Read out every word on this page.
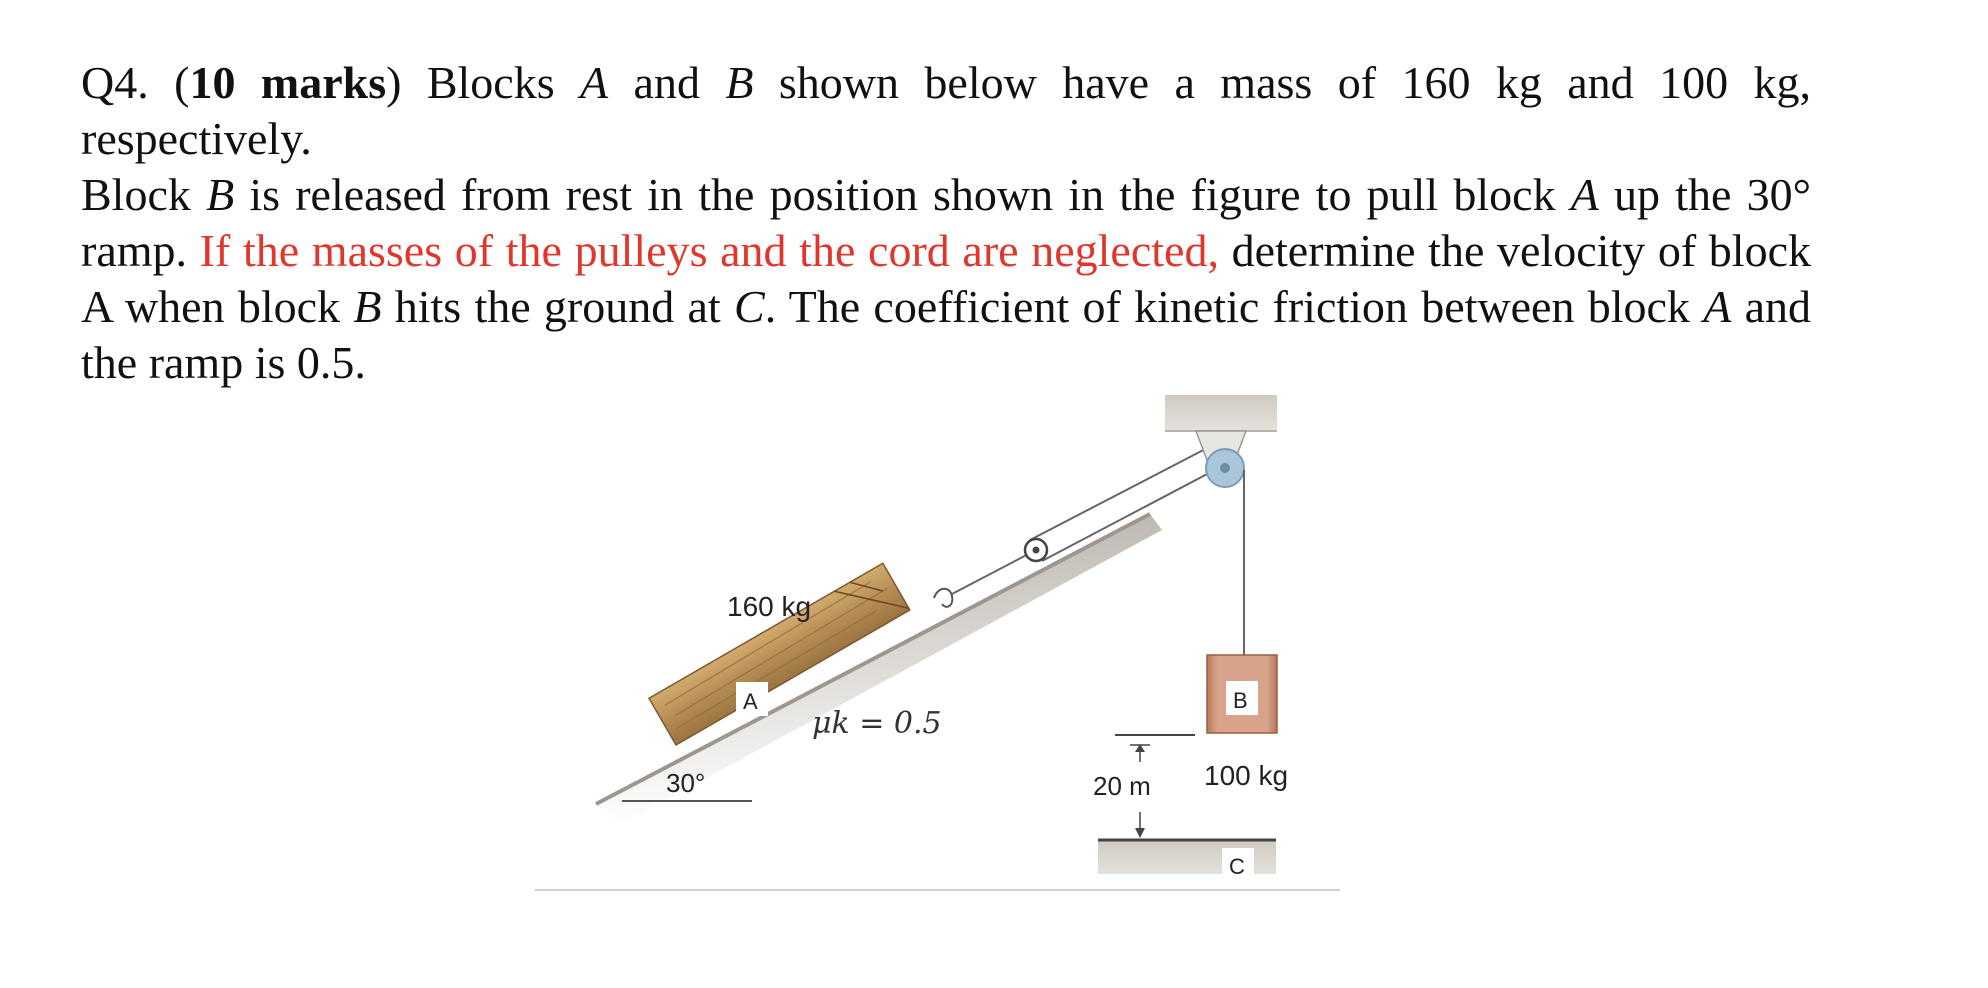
Q4. (10 marks) Blocks A and B shown below have a mass of 160 kg and 100 kg, respectively.
Block B is released from rest in the position shown in the figure to pull block A up the 30°
ramp. If the masses of the pulleys and the cord are neglected, determine the velocity of block
A when block B hits the ground at C. The coefficient of kinetic friction between block A and
the ramp is 0.5.
30°
A
160 kg
B
100 kg
μk = 0.5
20 m
C
